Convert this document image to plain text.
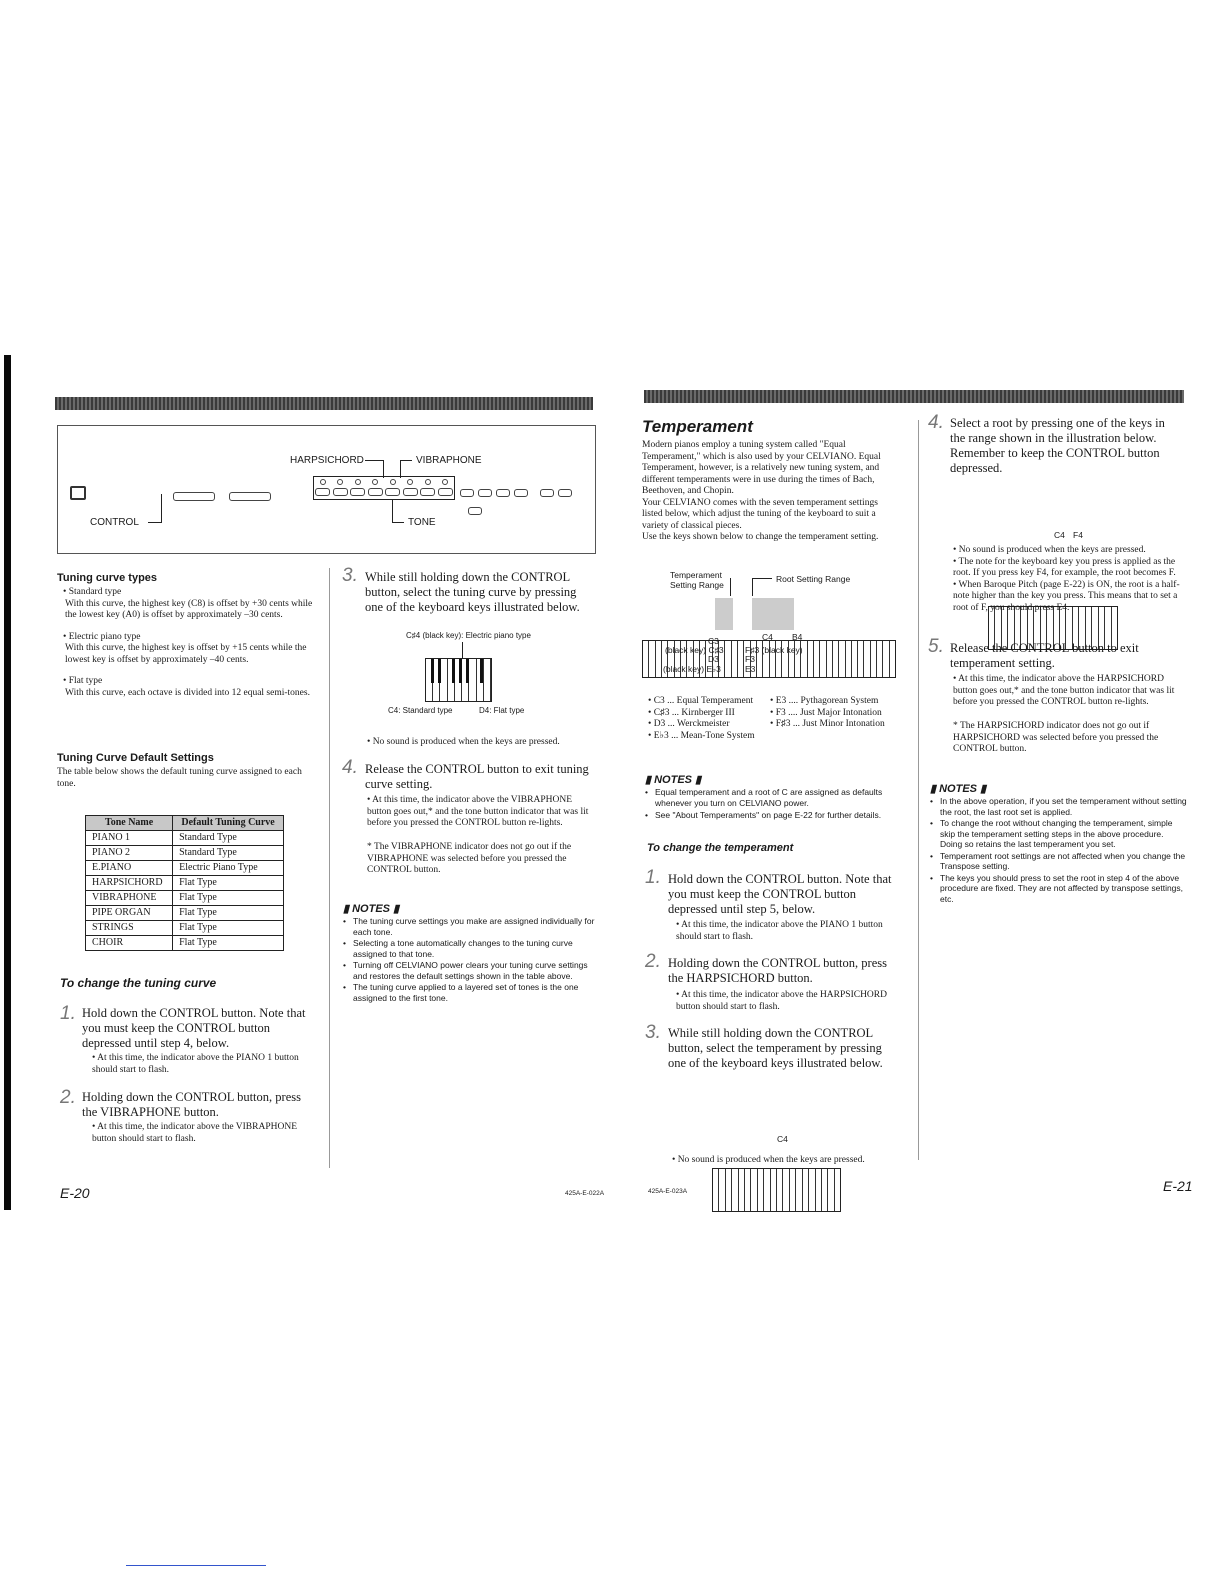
HARPSICHORD	VIBRAPHONE

CONTROL	TONE
Tuning curve types
• Standard type
With this curve, the highest key (C8) is offset by +30 cents while the lowest key (A0) is offset by approximately –30 cents.
• Electric piano type
With this curve, the highest key is offset by +15 cents while the lowest key is offset by approximately –40 cents.
• Flat type
With this curve, each octave is divided into 12 equal semi-tones.
Tuning Curve Default Settings
The table below shows the default tuning curve assigned to each tone.
Tone Name	Default Tuning Curve
PIANO 1	Standard Type
PIANO 2	Standard Type
E.PIANO	Electric Piano Type
HARPSICHORD	Flat Type
VIBRAPHONE	Flat Type
PIPE ORGAN	Flat Type
STRINGS	Flat Type
CHOIR	Flat Type
To change the tuning curve
1. Hold down the CONTROL button. Note that you must keep the CONTROL button depressed until step 4, below.
• At this time, the indicator above the PIANO 1 button should start to flash.
2. Holding down the CONTROL button, press the VIBRAPHONE button.
• At this time, the indicator above the VIBRAPHONE button should start to flash.
E-20
3. While still holding down the CONTROL button, select the tuning curve by pressing one of the keyboard keys illustrated below.
C♯4 (black key): Electric piano type
C4: Standard type	D4: Flat type
• No sound is produced when the keys are pressed.
4. Release the CONTROL button to exit tuning curve setting.
• At this time, the indicator above the VIBRAPHONE button goes out,* and the tone button indicator that was lit before you pressed the CONTROL button re-lights.
* The VIBRAPHONE indicator does not go out if the VIBRAPHONE was selected before you pressed the CONTROL button.
▮ NOTES ▮
• The tuning curve settings you make are assigned individually for each tone.
• Selecting a tone automatically changes to the tuning curve assigned to that tone.
• Turning off CELVIANO power clears your tuning curve settings and restores the default settings shown in the table above.
• The tuning curve applied to a layered set of tones is the one assigned to the first tone.
425A-E-022A
Temperament
Modern pianos employ a tuning system called "Equal Temperament," which is also used by your CELVIANO. Equal Temperament, however, is a relatively new tuning system, and different temperaments were in use during the times of Bach, Beethoven, and Chopin.
Your CELVIANO comes with the seven temperament settings listed below, which adjust the tuning of the keyboard to suit a variety of classical pieces.
Use the keys shown below to change the temperament setting.
Temperament Setting Range
Root Setting Range
C3
(black key) C♯3
D3
(black key) E♭3
C4 B4
F♯3 (black key)
F3
E3
• C3 ... Equal Temperament
• C♯3 ... Kirnberger III
• D3 ... Werckmeister
• E♭3 ... Mean-Tone System
• E3 .... Pythagorean System
• F3 .... Just Major Intonation
• F♯3 ... Just Minor Intonation
▮ NOTES ▮
• Equal temperament and a root of C are assigned as defaults whenever you turn on CELVIANO power.
• See "About Temperaments" on page E-22 for further details.
To change the temperament
1. Hold down the CONTROL button. Note that you must keep the CONTROL button depressed until step 5, below.
• At this time, the indicator above the PIANO 1 button should start to flash.
2. Holding down the CONTROL button, press the HARPSICHORD button.
• At this time, the indicator above the HARPSICHORD button should start to flash.
3. While still holding down the CONTROL button, select the temperament by pressing one of the keyboard keys illustrated below.
C4
• No sound is produced when the keys are pressed.
425A-E-023A
4. Select a root by pressing one of the keys in the range shown in the illustration below. Remember to keep the CONTROL button depressed.
C4 F4
• No sound is produced when the keys are pressed.
• The note for the keyboard key you press is applied as the root. If you press key F4, for example, the root becomes F.
• When Baroque Pitch (page E-22) is ON, the root is a half-note higher than the key you press. This means that to set a root of F, you should press E4.
5. Release the CONTROL button to exit temperament setting.
• At this time, the indicator above the HARPSICHORD button goes out,* and the tone button indicator that was lit before you pressed the CONTROL button re-lights.
* The HARPSICHORD indicator does not go out if HARPSICHORD was selected before you pressed the CONTROL button.
▮ NOTES ▮
• In the above operation, if you set the temperament without setting the root, the last root set is applied.
• To change the root without changing the temperament, simple skip the temperament setting steps in the above procedure. Doing so retains the last temperament you set.
• Temperament root settings are not affected when you change the Transpose setting.
• The keys you should press to set the root in step 4 of the above procedure are fixed. They are not affected by transpose settings, etc.
E-21
